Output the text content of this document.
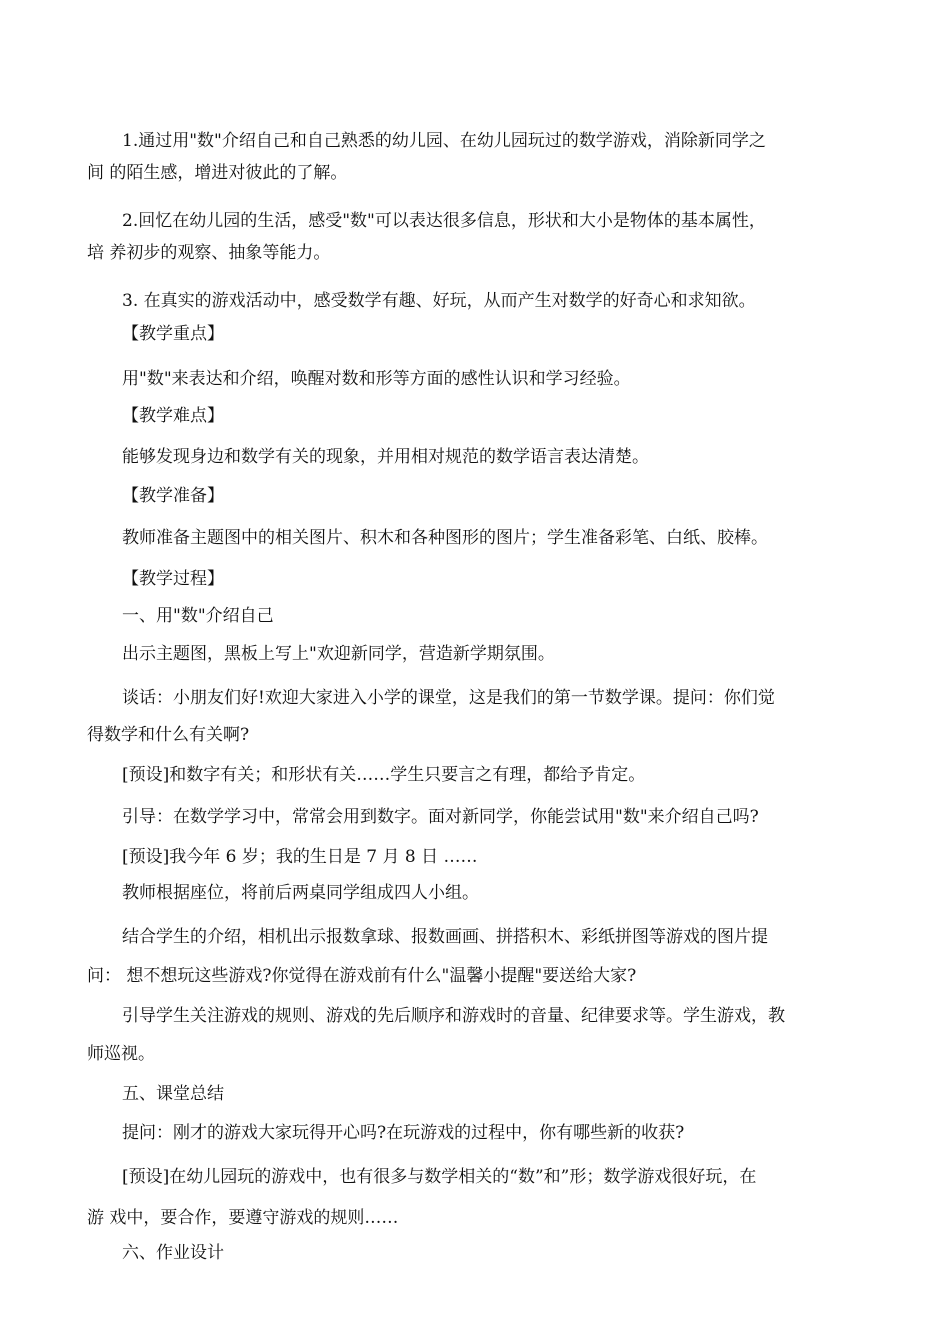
1.通过用"数"介绍自己和自己熟悉的幼儿园、在幼儿园玩过的数学游戏，消除新同学之
间 的陌生感，增进对彼此的了解。
2.回忆在幼儿园的生活，感受"数"可以表达很多信息，形状和大小是物体的基本属性，
培 养初步的观察、抽象等能力。
3. 在真实的游戏活动中，感受数学有趣、好玩，从而产生对数学的好奇心和求知欲。
【教学重点】
用"数"来表达和介绍，唤醒对数和形等方面的感性认识和学习经验。
【教学难点】
能够发现身边和数学有关的现象，并用相对规范的数学语言表达清楚。
【教学准备】
教师准备主题图中的相关图片、积木和各种图形的图片；学生准备彩笔、白纸、胶棒。
【教学过程】
一、用"数"介绍自己
出示主题图，黑板上写上"欢迎新同学，营造新学期氛围。
谈话：小朋友们好!欢迎大家进入小学的课堂，这是我们的第一节数学课。提问：你们觉
得数学和什么有关啊?
[预设]和数字有关；和形状有关……学生只要言之有理，都给予肯定。
引导：在数学学习中，常常会用到数字。面对新同学，你能尝试用"数"来介绍自己吗?
[预设]我今年 6 岁；我的生日是 7 月 8 日 ……
教师根据座位，将前后两桌同学组成四人小组。
结合学生的介绍，相机出示报数拿球、报数画画、拼搭积木、彩纸拼图等游戏的图片提
问： 想不想玩这些游戏?你觉得在游戏前有什么"温馨小提醒"要送给大家?
引导学生关注游戏的规则、游戏的先后顺序和游戏时的音量、纪律要求等。学生游戏，教
师巡视。
五、课堂总结
提问：刚才的游戏大家玩得开心吗?在玩游戏的过程中，你有哪些新的收获?
[预设]在幼儿园玩的游戏中，也有很多与数学相关的“数”和”形；数学游戏很好玩，在
游 戏中，要合作，要遵守游戏的规则……
六、作业设计
